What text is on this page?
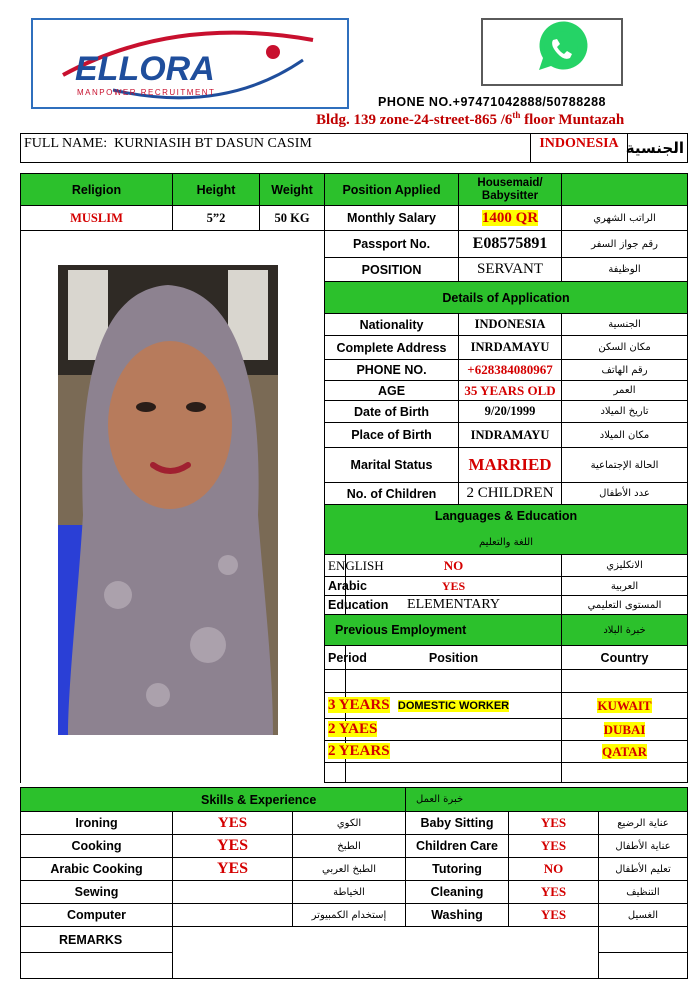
ELLORA
MANPOWER RECRUITMENT
PHONE NO.+97471042888/50788288
Bldg. 139 zone-24-street-865 /6th floor Muntazah
FULL NAME: KURNIASIH BT DASUN CASIM	INDONESIA	الجنسية
Religion	Height	Weight	Position Applied		Housemaid/ Babysitter	
MUSLIM	5”2	50 KG	Monthly Salary		1400 QR	الراتب الشهري
			Passport No.		E08575891	رقم جواز السفر
			POSITION		SERVANT	الوظيفة
			Details of Application			
			Nationality		INDONESIA	الجنسية
			Complete Address		INRDAMAYU	مكان السكن
			PHONE NO.		+628384080967	رقم الهاتف
			AGE		35 YEARS OLD	العمر
			Date of Birth		9/20/1999	تاريخ الميلاد
			Place of Birth		INDRAMAYU	مكان الميلاد
			Marital Status		MARRIED	الحالة الإجتماعية
			No. of Children		2 CHILDREN	عدد الأطفال

			Languages & Education
اللغة والتعليم			

			ENGLISH	NO		الانكليزي
			Arabic	YES		العربية
			Education	ELEMENTARY		المستوى التعليمي
			Previous Employment			خبرة البلاد
			Period	Position		Country

			3 YEARS	DOMESTIC WORKER		KUWAIT
			2 YAES			DUBAI
			2 YEARS			QATAR

Skills & Experience			خبرة العمل		
Ironing	YES	الكوي	Baby Sitting	YES	عناية الرضيع
Cooking	YES	الطبخ	Children Care	YES	عناية الأطفال
Arabic Cooking	YES	الطبخ العربي	Tutoring	NO	تعليم الأطفال
Sewing		الخياطة	Cleaning	YES	التنظيف
Computer		إستخدام الكمبيوتر	Washing	YES	الغسيل
REMARKS					
